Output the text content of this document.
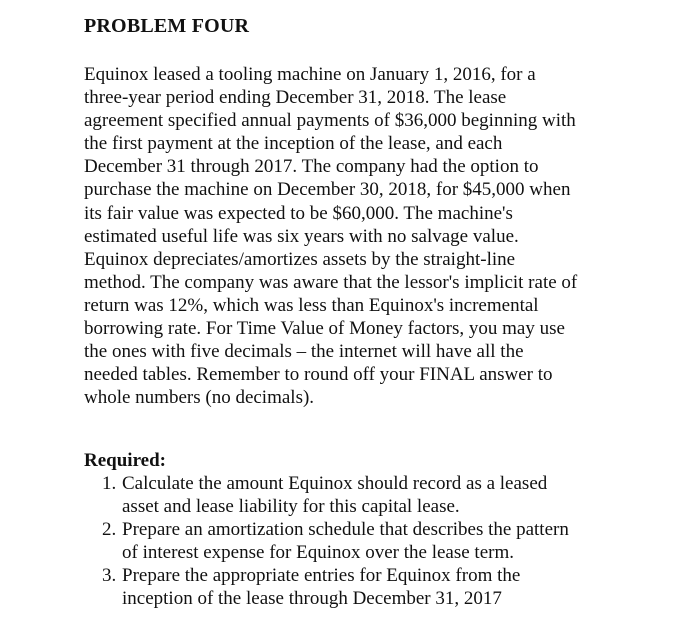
PROBLEM FOUR
Equinox leased a tooling machine on January 1, 2016, for a
three-year period ending December 31, 2018. The lease
agreement specified annual payments of $36,000 beginning with
the first payment at the inception of the lease, and each
December 31 through 2017. The company had the option to
purchase the machine on December 30, 2018, for $45,000 when
its fair value was expected to be $60,000. The machine's
estimated useful life was six years with no salvage value.
Equinox depreciates/amortizes assets by the straight-line
method. The company was aware that the lessor's implicit rate of
return was 12%, which was less than Equinox's incremental
borrowing rate. For Time Value of Money factors, you may use
the ones with five decimals – the internet will have all the
needed tables. Remember to round off your FINAL answer to
whole numbers (no decimals).
Required:
1. Calculate the amount Equinox should record as a leased
asset and lease liability for this capital lease.
2. Prepare an amortization schedule that describes the pattern
of interest expense for Equinox over the lease term.
3. Prepare the appropriate entries for Equinox from the
inception of the lease through December 31, 2017
